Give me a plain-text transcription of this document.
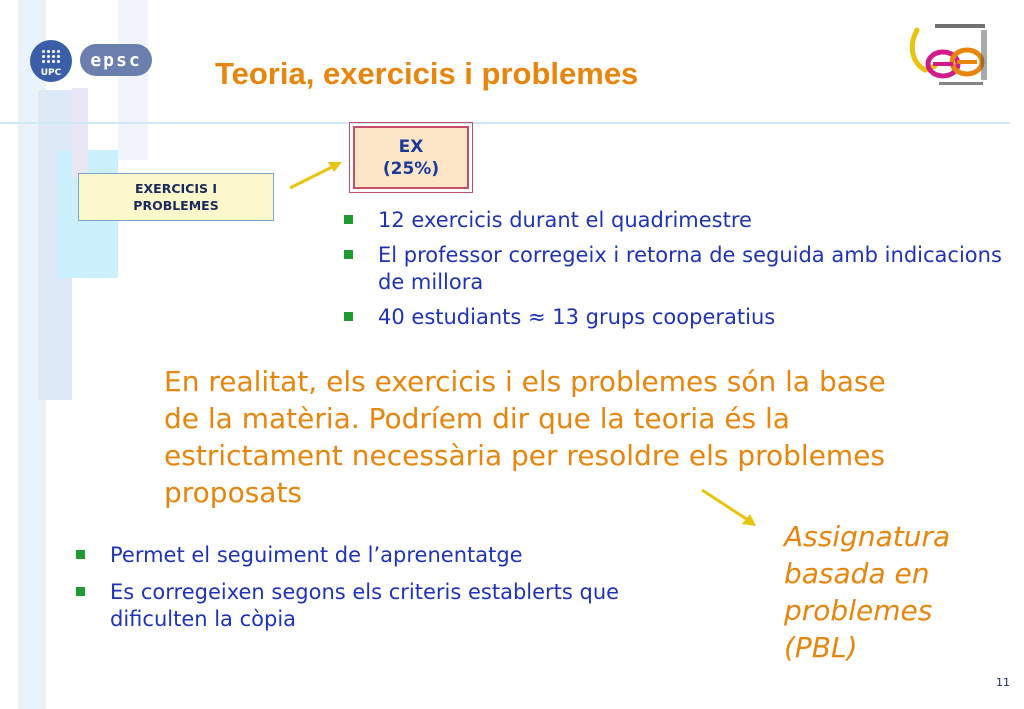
UPC
epsc Teoria, exercicis i problemes
EX
(25%)
EXERCICIS I
PROBLEMES
12 exercicis durant el quadrimestre
El professor corregeix i retorna de seguida amb indicacions de millora
40 estudiants ≈ 13 grups cooperatius

En realitat, els exercicis i els problemes són la base de la matèria. Podríem dir que la teoria és la estrictament necessària per resoldre els problemes proposats

Permet el seguiment de l’aprenentatge
Es corregeixen segons els criteris establerts que dificulten la còpia

Assignatura
basada en
problemes
(PBL)

11
